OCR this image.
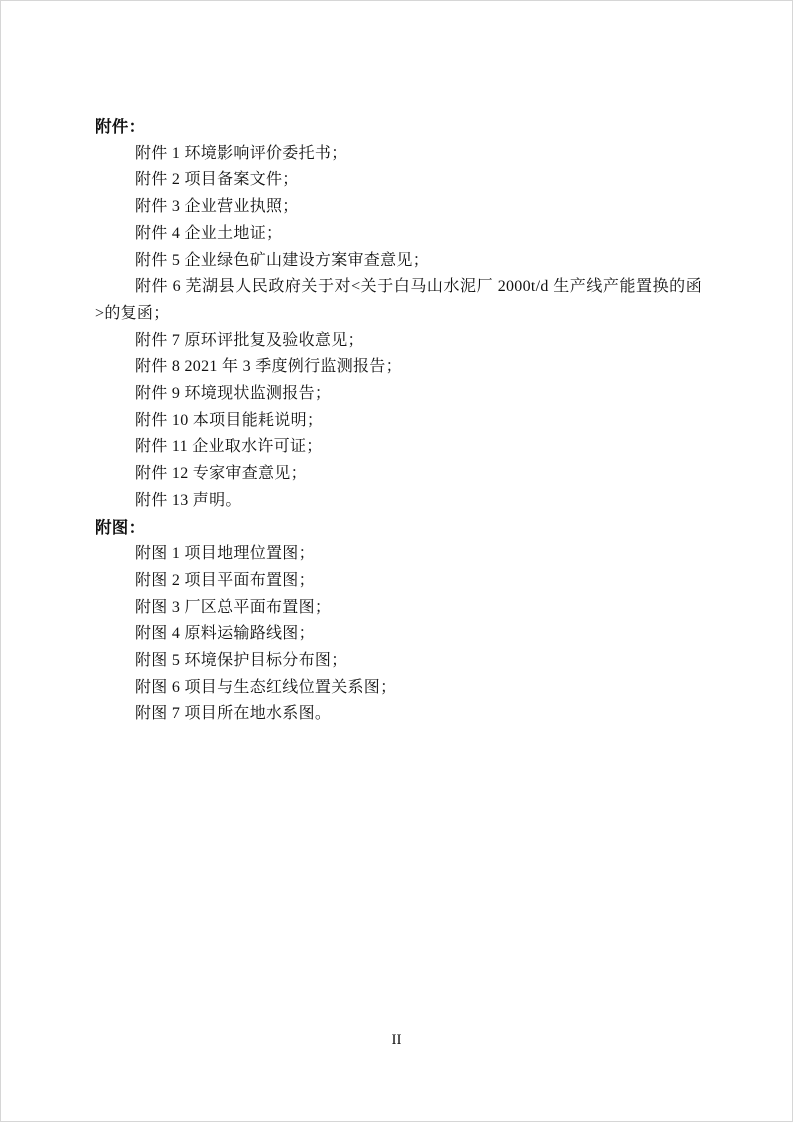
附件：

附件 1 环境影响评价委托书；

附件 2 项目备案文件；

附件 3 企业营业执照；

附件 4 企业土地证；

附件 5 企业绿色矿山建设方案审查意见；

附件 6 芜湖县人民政府关于对<关于白马山水泥厂 2000t/d 生产线产能置换的函>的复函；

附件 7 原环评批复及验收意见；

附件 8 2021 年 3 季度例行监测报告；

附件 9 环境现状监测报告；

附件 10 本项目能耗说明；

附件 11 企业取水许可证；

附件 12 专家审查意见；

附件 13 声明。

附图：

附图 1 项目地理位置图；

附图 2 项目平面布置图；

附图 3 厂区总平面布置图；

附图 4 原料运输路线图；

附图 5 环境保护目标分布图；

附图 6 项目与生态红线位置关系图；

附图 7 项目所在地水系图。

II
